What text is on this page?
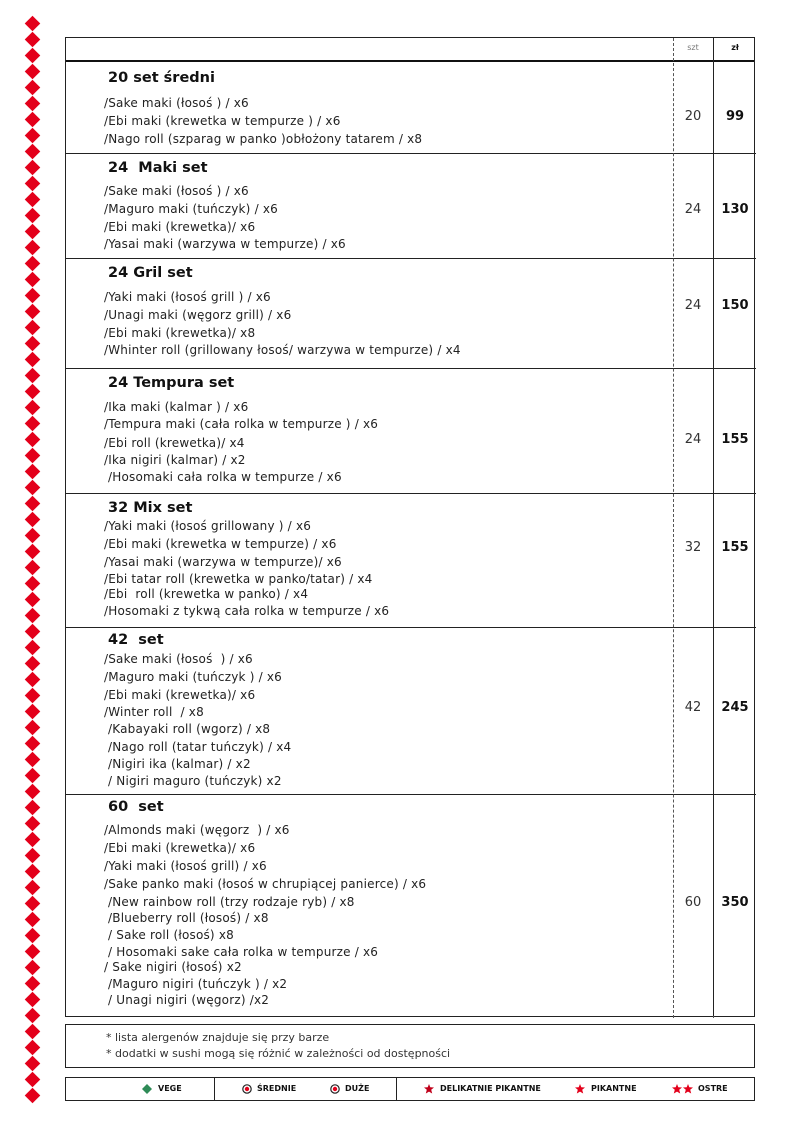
szt	zł
20 set średni
/Sake maki (łosoś ) / x6
/Ebi maki (krewetka w tempurze ) / x6
/Nago roll (szparag w panko )obłożony tatarem / x8
20	99
24  Maki set
/Sake maki (łosoś ) / x6
/Maguro maki (tuńczyk) / x6
/Ebi maki (krewetka)/ x6
/Yasai maki (warzywa w tempurze) / x6
24	130
24 Gril set
/Yaki maki (łosoś grill ) / x6
/Unagi maki (węgorz grill) / x6
/Ebi maki (krewetka)/ x8
/Whinter roll (grillowany łosoś/ warzywa w tempurze) / x4
24	150
24 Tempura set
/Ika maki (kalmar ) / x6
/Tempura maki (cała rolka w tempurze ) / x6
/Ebi roll (krewetka)/ x4
/Ika nigiri (kalmar) / x2
/Hosomaki cała rolka w tempurze / x6
24	155
32 Mix set
/Yaki maki (łosoś grillowany ) / x6
/Ebi maki (krewetka w tempurze) / x6
/Yasai maki (warzywa w tempurze)/ x6
/Ebi tatar roll (krewetka w panko/tatar) / x4
/Ebi  roll (krewetka w panko) / x4
/Hosomaki z tykwą cała rolka w tempurze / x6
32	155
42  set
/Sake maki (łosoś  ) / x6
/Maguro maki (tuńczyk ) / x6
/Ebi maki (krewetka)/ x6
/Winter roll  / x8
/Kabayaki roll (wgorz) / x8
/Nago roll (tatar tuńczyk) / x4
/Nigiri ika (kalmar) / x2
/ Nigiri maguro (tuńczyk) x2
42	245
60  set
/Almonds maki (węgorz  ) / x6
/Ebi maki (krewetka)/ x6
/Yaki maki (łosoś grill) / x6
/Sake panko maki (łosoś w chrupiącej panierce) / x6
/New rainbow roll (trzy rodzaje ryb) / x8
/Blueberry roll (łosoś) / x8
/ Sake roll (łosoś) x8
/ Hosomaki sake cała rolka w tempurze / x6
/ Sake nigiri (łosoś) x2
/Maguro nigiri (tuńczyk ) / x2
/ Unagi nigiri (węgorz) /x2
60	350
* lista alergenów znajduje się przy barze
* dodatki w sushi mogą się różnić w zależności od dostępności
VEGE	ŚREDNIE	DUŻE	DELIKATNIE PIKANTNE	PIKANTNE	OSTRE
